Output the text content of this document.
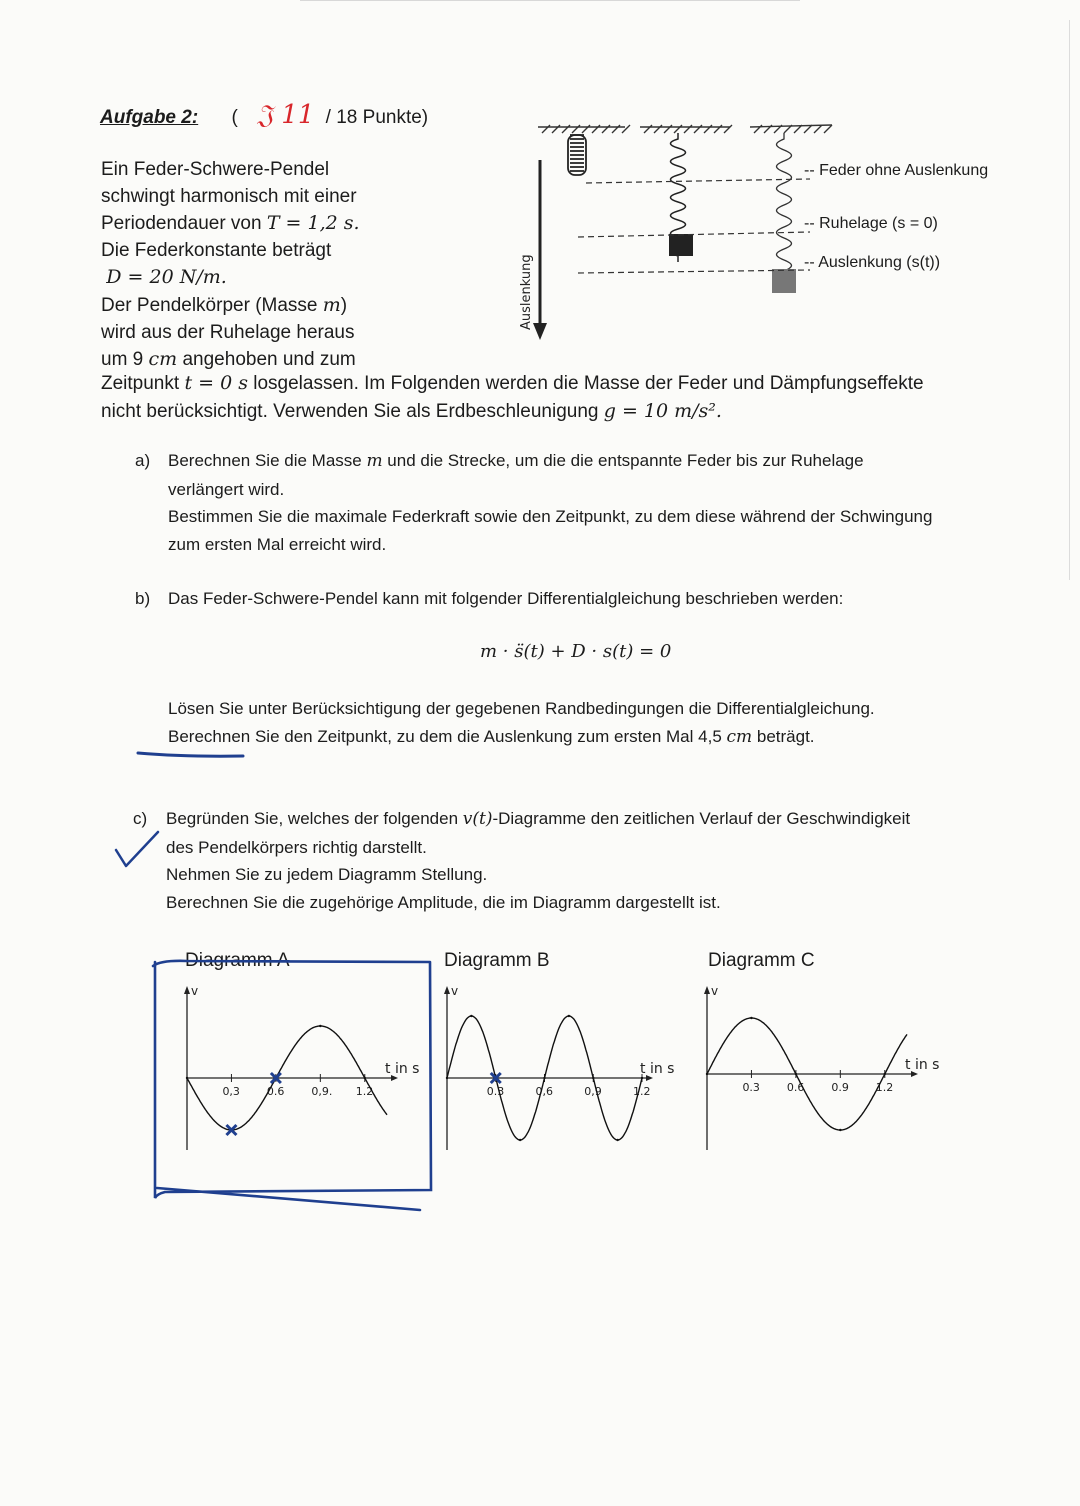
Aufgabe 2: ( 𝔍 11 / 18 Punkte)
Ein Feder-Schwere-Pendel
schwingt harmonisch mit einer
Periodendauer von T = 1,2 s.
Die Federkonstante beträgt
D = 20 N/m.
Der Pendelkörper (Masse m)
wird aus der Ruhelage heraus
um 9 cm angehoben und zum
Zeitpunkt t = 0 s losgelassen. Im Folgenden werden die Masse der Feder und Dämpfungseffekte
nicht berücksichtigt. Verwenden Sie als Erdbeschleunigung g = 10 m/s².
Auslenkung
-- Feder ohne Auslenkung
-- Ruhelage (s = 0)
-- Auslenkung (s(t))
a) Berechnen Sie die Masse m und die Strecke, um die die entspannte Feder bis zur Ruhelage
verlängert wird.
Bestimmen Sie die maximale Federkraft sowie den Zeitpunkt, zu dem diese während der Schwingung
zum ersten Mal erreicht wird.
b) Das Feder-Schwere-Pendel kann mit folgender Differentialgleichung beschrieben werden:
m · s̈(t) + D · s(t) = 0
Lösen Sie unter Berücksichtigung der gegebenen Randbedingungen die Differentialgleichung.
Berechnen Sie den Zeitpunkt, zu dem die Auslenkung zum ersten Mal 4,5 cm beträgt.
c) Begründen Sie, welches der folgenden v(t)-Diagramme den zeitlichen Verlauf der Geschwindigkeit
des Pendelkörpers richtig darstellt.
Nehmen Sie zu jedem Diagramm Stellung.
Berechnen Sie die zugehörige Amplitude, die im Diagramm dargestellt ist.
Diagramm A	Diagramm B	Diagramm C
v
t in s
0,3 0.6 0,9. 1.2
v
t in s
0.3	0,6	0,9	1.2
v
t in s
0.3 0.6 0.9 1.2
